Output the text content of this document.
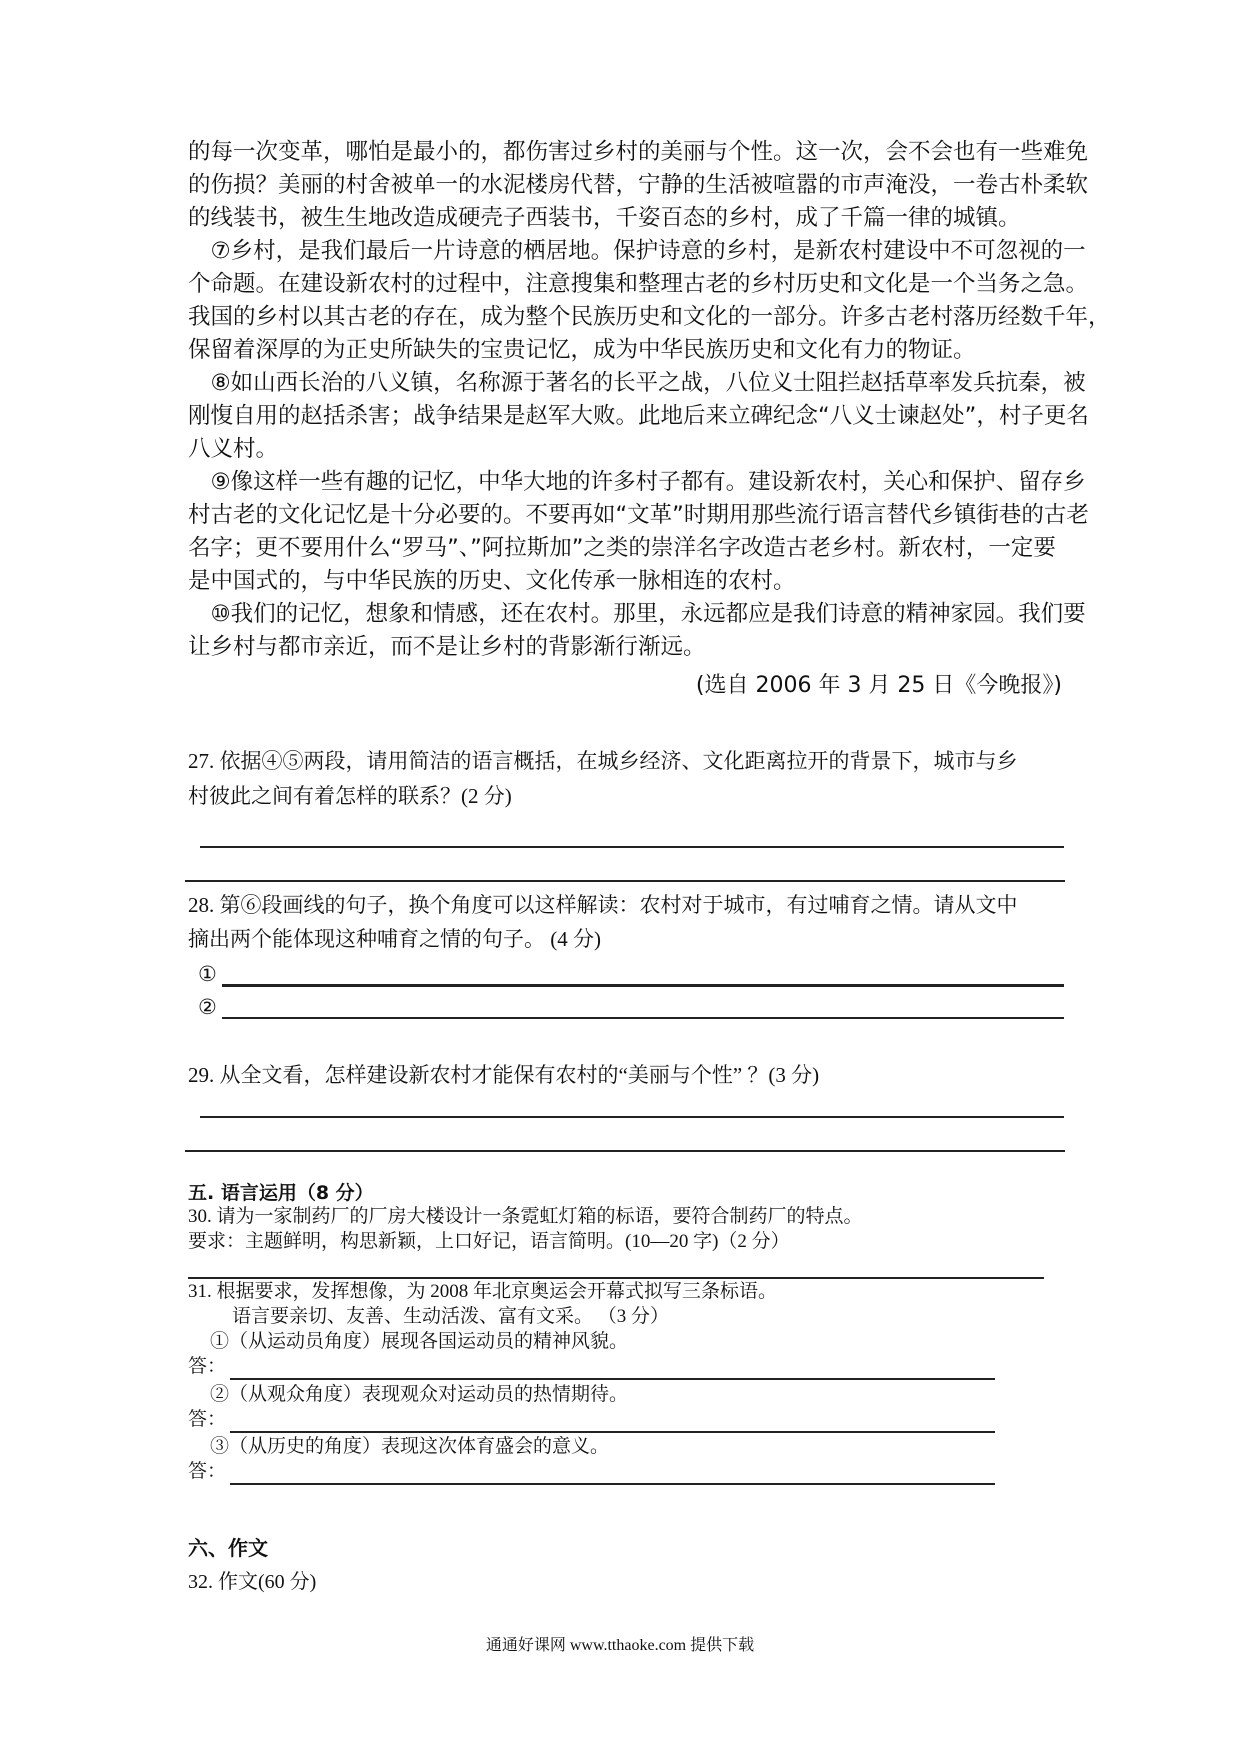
的每一次变革，哪怕是最小的，都伤害过乡村的美丽与个性。这一次，会不会也有一些难免
的伤损？美丽的村舍被单一的水泥楼房代替，宁静的生活被喧嚣的市声淹没，一卷古朴柔软
的线装书，被生生地改造成硬壳子西装书，千姿百态的乡村，成了千篇一律的城镇。
　⑦乡村，是我们最后一片诗意的栖居地。保护诗意的乡村，是新农村建设中不可忽视的一
个命题。在建设新农村的过程中，注意搜集和整理古老的乡村历史和文化是一个当务之急。
我国的乡村以其古老的存在，成为整个民族历史和文化的一部分。许多古老村落历经数千年，
保留着深厚的为正史所缺失的宝贵记忆，成为中华民族历史和文化有力的物证。
　⑧如山西长治的八义镇，名称源于著名的长平之战，八位义士阻拦赵括草率发兵抗秦，被
刚愎自用的赵括杀害；战争结果是赵军大败。此地后来立碑纪念“八义士谏赵处”，村子更名
八义村。
　⑨像这样一些有趣的记忆，中华大地的许多村子都有。建设新农村，关心和保护、留存乡
村古老的文化记忆是十分必要的。不要再如“文革”时期用那些流行语言替代乡镇街巷的古老
名字；更不要用什么“罗马”、”阿拉斯加”之类的崇洋名字改造古老乡村。新农村，一定要
是中国式的，与中华民族的历史、文化传承一脉相连的农村。
　⑩我们的记忆，想象和情感，还在农村。那里，永远都应是我们诗意的精神家园。我们要
让乡村与都市亲近，而不是让乡村的背影渐行渐远。
(选自 2006 年 3 月 25 日《今晚报》)
27. 依据④⑤两段，请用简洁的语言概括，在城乡经济、文化距离拉开的背景下，城市与乡
村彼此之间有着怎样的联系？(2 分)
28. 第⑥段画线的句子，换个角度可以这样解读：农村对于城市，有过哺育之情。请从文中
摘出两个能体现这种哺育之情的句子。 (4 分)
①
②
29. 从全文看，怎样建设新农村才能保有农村的“美丽与个性” ？(3 分)
五. 语言运用（8 分）
30. 请为一家制药厂的厂房大楼设计一条霓虹灯箱的标语，要符合制药厂的特点。
要求：主题鲜明，构思新颖，上口好记，语言简明。(10—20 字)（2 分）
31. 根据要求，发挥想像，为 2008 年北京奥运会开幕式拟写三条标语。
语言要亲切、友善、生动活泼、富有文采。 （3 分）
①（从运动员角度）展现各国运动员的精神风貌。
答：
②（从观众角度）表现观众对运动员的热情期待。
答：
③（从历史的角度）表现这次体育盛会的意义。
答：
六、作文
32. 作文(60 分)
通通好课网 www.tthaoke.com 提供下载
